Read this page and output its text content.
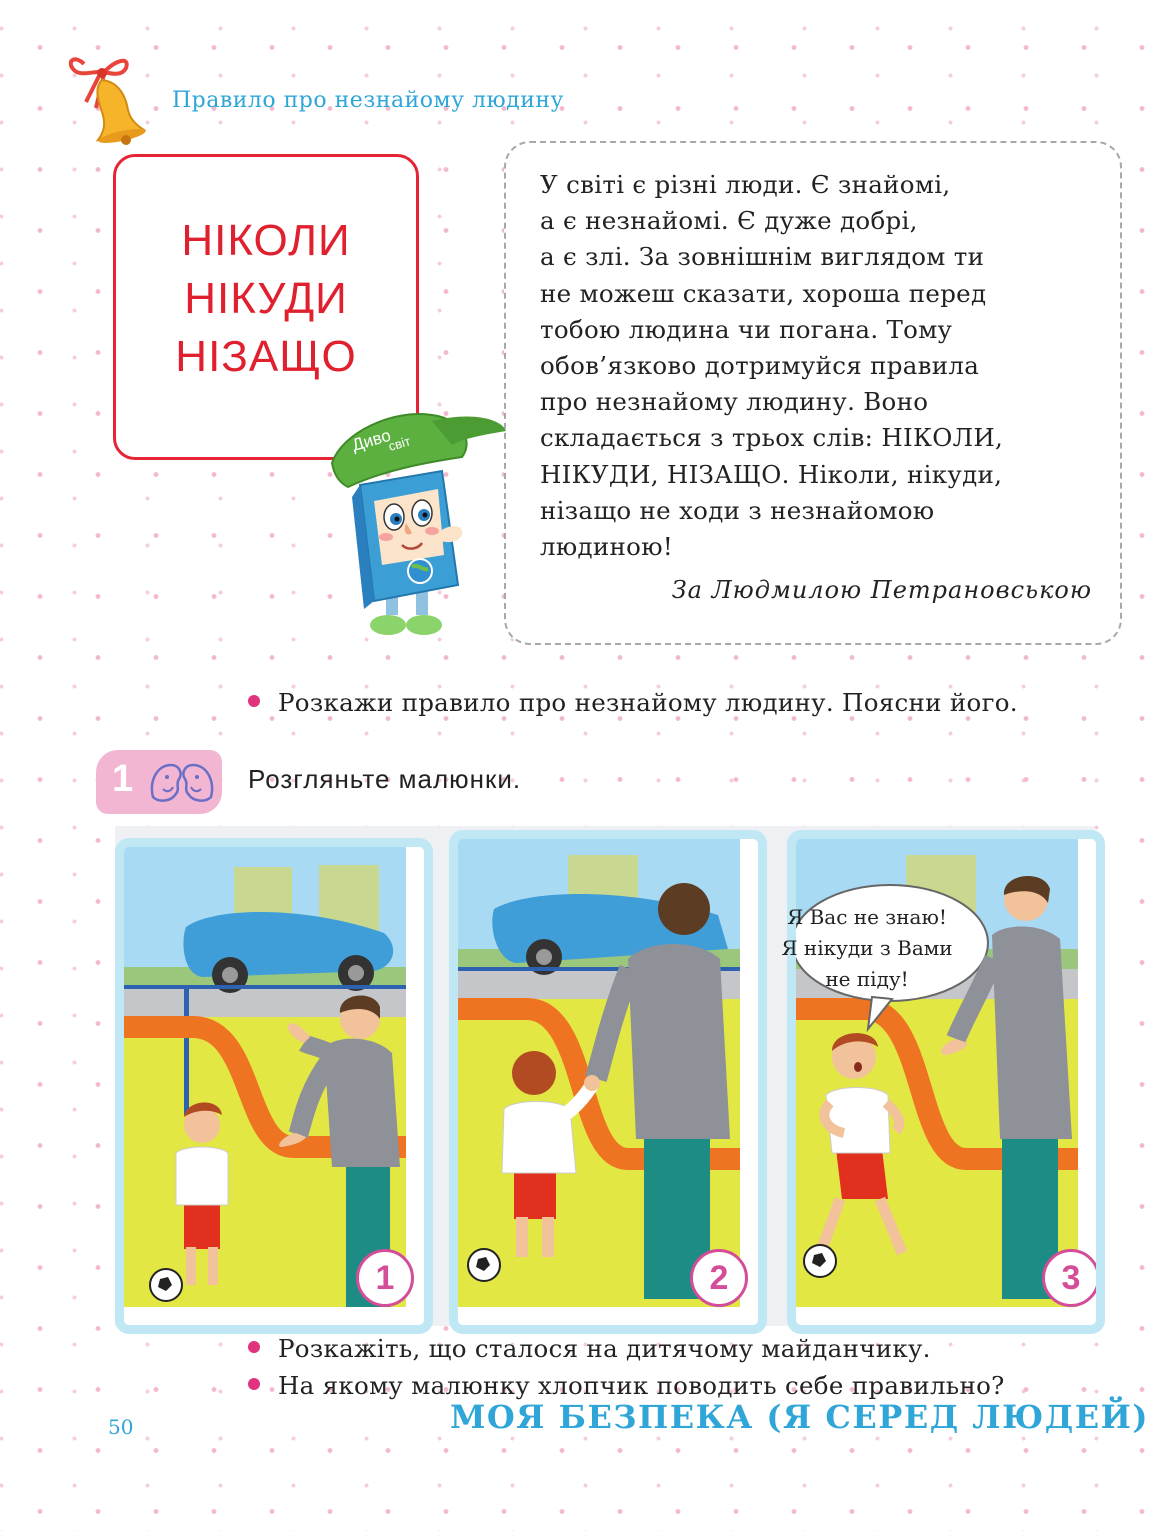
Правило про незнайому людину
НІКОЛИ
НІКУДИ
НІЗАЩО
У світі є різні люди. Є знайомі,
а є незнайомі. Є дуже добрі,
а є злі. За зовнішнім виглядом ти
не можеш сказати, хороша перед
тобою людина чи погана. Тому
обов’язково дотримуйся правила
про незнайому людину. Воно
складається з трьох слів: НІКОЛИ,
НІКУДИ, НІЗАЩО. Ніколи, нікуди,
нізащо не ходи з незнайомою
людиною!
За Людмилою Петрановською
Диво
світ
Розкажи правило про незнайому людину. Поясни його.
1	Розгляньте малюнки.
1	2	3
Я Вас не знаю!
Я нікуди з Вами
не піду!
Розкажіть, що сталося на дитячому майданчику.
На якому малюнку хлопчик поводить себе правильно?
50	МОЯ БЕЗПЕКА (Я СЕРЕД ЛЮДЕЙ)
